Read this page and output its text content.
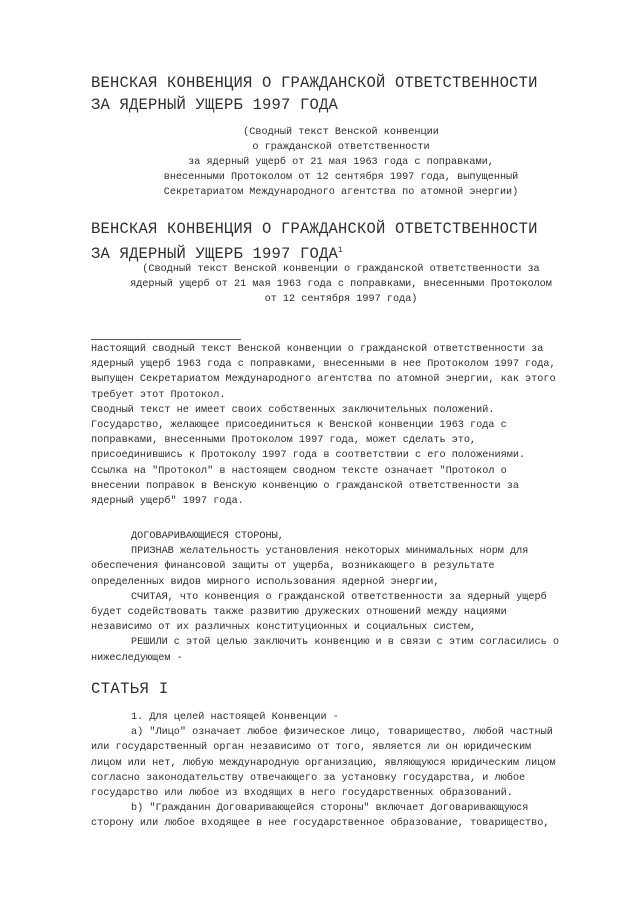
ВЕНСКАЯ КОНВЕНЦИЯ О ГРАЖДАНСКОЙ ОТВЕТСТВЕННОСТИ
ЗА ЯДЕРНЫЙ УЩЕРБ 1997 ГОДА
(Сводный текст Венской конвенции
о гражданской ответственности
за ядерный ущерб от 21 мая 1963 года с поправками,
внесенными Протоколом от 12 сентября 1997 года, выпущенный
Секретариатом Международного агентства по атомной энергии)
ВЕНСКАЯ КОНВЕНЦИЯ О ГРАЖДАНСКОЙ ОТВЕТСТВЕННОСТИ
ЗА ЯДЕРНЫЙ УЩЕРБ 1997 ГОДА$^1$
(Сводный текст Венской конвенции о гражданской ответственности за
ядерный ущерб от 21 мая 1963 года с поправками, внесенными Протоколом
от 12 сентября 1997 года)
Настоящий сводный текст Венской конвенции о гражданской ответственности за
ядерный ущерб 1963 года с поправками, внесенными в нее Протоколом 1997 года,
выпущен Секретариатом Международного агентства по атомной энергии, как этого
требует этот Протокол.
Сводный текст не имеет своих собственных заключительных положений.
Государство, желающее присоединиться к Венской конвенции 1963 года с
поправками, внесенными Протоколом 1997 года, может сделать это,
присоединившись к Протоколу 1997 года в соответствии с его положениями.
Ссылка на "Протокол" в настоящем сводном тексте означает "Протокол о
внесении поправок в Венскую конвенцию о гражданской ответственности за
ядерный ущерб" 1997 года.
ДОГОВАРИВАЮЩИЕСЯ СТОРОНЫ,
ПРИЗНАВ желательность установления некоторых минимальных норм для
обеспечения финансовой защиты от ущерба, возникающего в результате
определенных видов мирного использования ядерной энергии,
СЧИТАЯ, что конвенция о гражданской ответственности за ядерный ущерб
будет содействовать также развитию дружеских отношений между нациями
независимо от их различных конституционных и социальных систем,
РЕШИЛИ с этой целью заключить конвенцию и в связи с этим согласились о
нижеследующем -
СТАТЬЯ I
1. Для целей настоящей Конвенции -
a) "Лицо" означает любое физическое лицо, товарищество, любой частный
или государственный орган независимо от того, является ли он юридическим
лицом или нет, любую международную организацию, являющуюся юридическим лицом
согласно законодательству отвечающего за установку государства, и любое
государство или любое из входящих в него государственных образований.
b) "Гражданин Договаривающейся стороны" включает Договаривающуюся
сторону или любое входящее в нее государственное образование, товарищество,
